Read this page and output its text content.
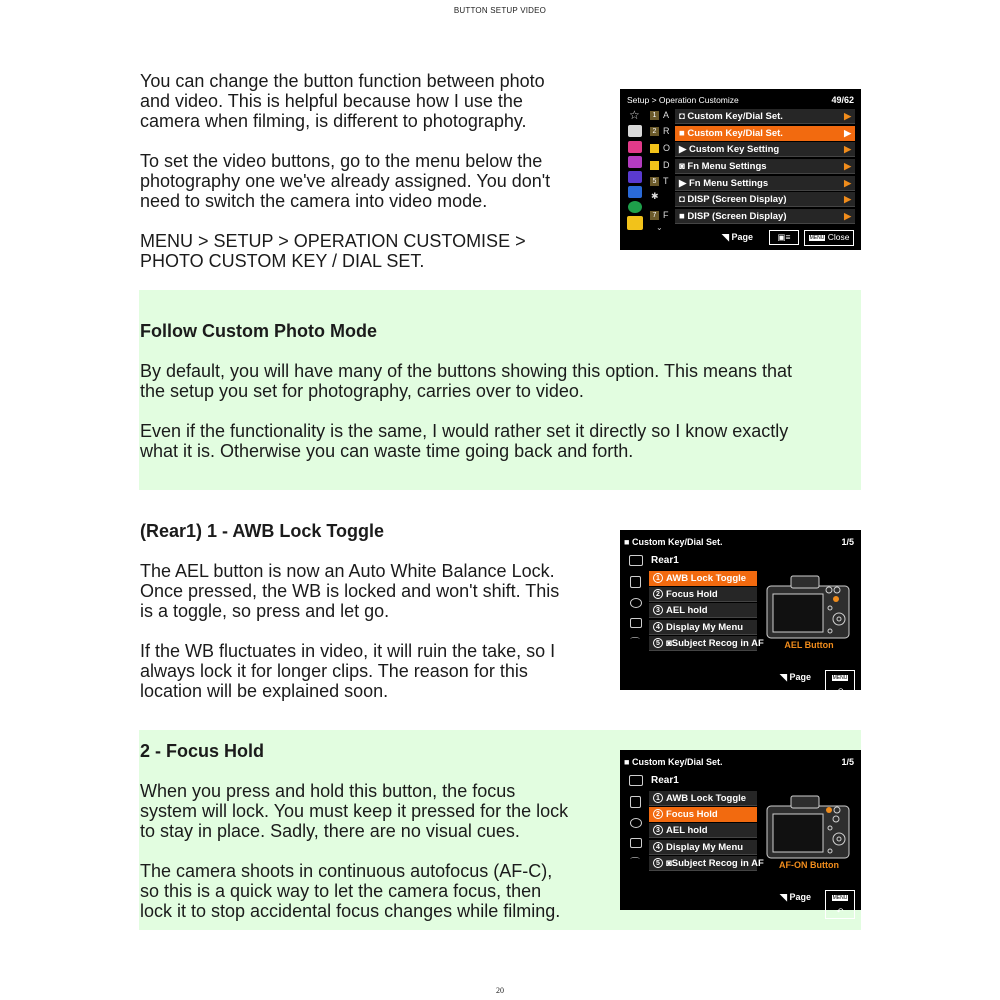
BUTTON SETUP VIDEO

You can change the button function between photo
and video. This is helpful because how I use the
camera when filming, is different to photography.

To set the video buttons, go to the menu below the
photography one we've already assigned. You don't
need to switch the camera into video mode.

MENU > SETUP > OPERATION CUSTOMISE >
PHOTO CUSTOM KEY / DIAL SET.

Setup > Operation Customize	49/62
☆	1 A
2 R
O
D
5 T
✱
F
7
⌄
◘ Custom Key/Dial Set.	▶
■ Custom Key/Dial Set.	▶
▶ Custom Key Setting	▶
◙ Fn Menu Settings	▶
▶ Fn Menu Settings	▶
◘ DISP (Screen Display)	▶
■ DISP (Screen Display)	▶
◥ Page	▣≡	MENU Close
Follow Custom Photo Mode

By default, you will have many of the buttons showing this option. This means that
the setup you set for photography, carries over to video.

Even if the functionality is the same, I would rather set it directly so I know exactly
what it is. Otherwise you can waste time going back and forth.

(Rear1) 1 - AWB Lock Toggle

The AEL button is now an Auto White Balance Lock.
Once pressed, the WB is locked and won't shift. This
is a toggle, so press and let go.

If the WB fluctuates in video, it will ruin the take, so I
always lock it for longer clips. The reason for this
location will be explained soon.

■ Custom Key/Dial Set.	1/5
Rear1
⌒
1 AWB Lock Toggle
2 Focus Hold
3 AEL hold
4 Display My Menu
5 ◙Subject Recog in AF	AEL Button
◥ Page	MENU ↶
2 - Focus Hold

When you press and hold this button, the focus
system will lock. You must keep it pressed for the lock
to stay in place. Sadly, there are no visual cues.

The camera shoots in continuous autofocus (AF-C),
so this is a quick way to let the camera focus, then
lock it to stop accidental focus changes while filming.

■ Custom Key/Dial Set.	1/5
Rear1
⌒
1 AWB Lock Toggle
2 Focus Hold
3 AEL hold
4 Display My Menu
5 ◙Subject Recog in AF	AF-ON Button
◥ Page	MENU ↶
20
